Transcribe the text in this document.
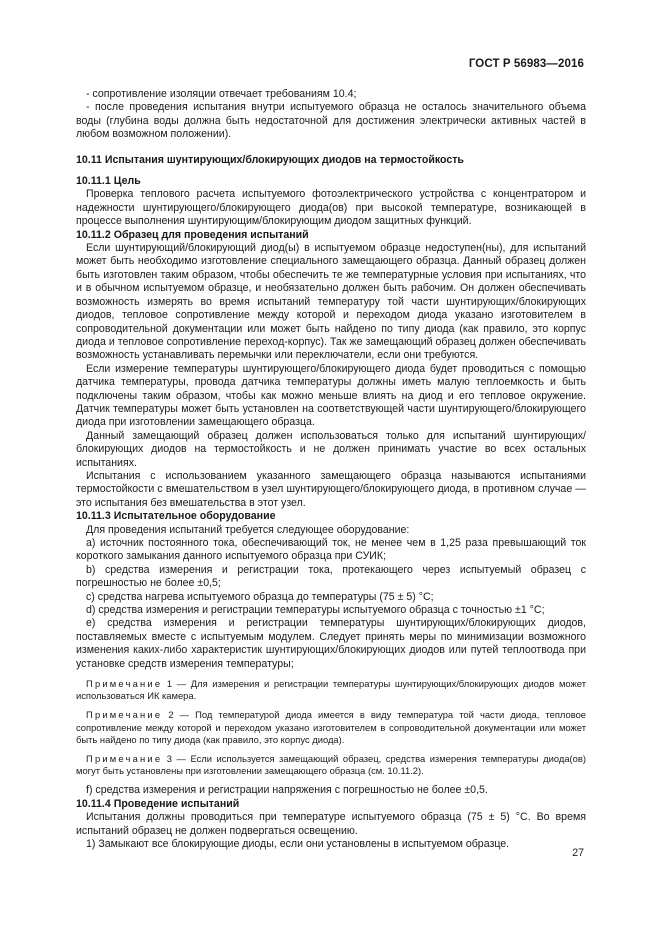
ГОСТ Р 56983—2016

- сопротивление изоляции отвечает требованиям 10.4;

- после проведения испытания внутри испытуемого образца не осталось значительного объема воды (глубина воды должна быть недостаточной для достижения электрически активных частей в любом возможном положении).

10.11 Испытания шунтирующих/блокирующих диодов на термостойкость

10.11.1 Цель

Проверка теплового расчета испытуемого фотоэлектрического устройства с концентратором и надежности шунтирующего/блокирующего диода(ов) при высокой температуре, возникающей в процессе выполнения шунтирующим/блокирующим диодом защитных функций.

10.11.2 Образец для проведения испытаний

Если шунтирующий/блокирующий диод(ы) в испытуемом образце недоступен(ны), для испытаний может быть необходимо изготовление специального замещающего образца. Данный образец должен быть изготовлен таким образом, чтобы обеспечить те же температурные условия при испытаниях, что и в обычном испытуемом образце, и необязательно должен быть рабочим. Он должен обеспечивать возможность измерять во время испытаний температуру той части шунтирующих/блокирующих диодов, тепловое сопротивление между которой и переходом диода указано изготовителем в сопроводительной документации или может быть найдено по типу диода (как правило, это корпус диода и тепловое сопротивление переход-корпус). Так же замещающий образец должен обеспечивать возможность устанавливать перемычки или переключатели, если они требуются.

Если измерение температуры шунтирующего/блокирующего диода будет проводиться с помощью датчика температуры, провода датчика температуры должны иметь малую теплоемкость и быть подключены таким образом, чтобы как можно меньше влиять на диод и его тепловое окружение. Датчик температуры может быть установлен на соответствующей части шунтирующего/блокирующего диода при изготовлении замещающего образца.

Данный замещающий образец должен использоваться только для испытаний шунтирующих/блокирующих диодов на термостойкость и не должен принимать участие во всех остальных испытаниях.

Испытания с использованием указанного замещающего образца называются испытаниями термостойкости с вмешательством в узел шунтирующего/блокирующего диода, в противном случае — это испытания без вмешательства в этот узел.

10.11.3 Испытательное оборудование

Для проведения испытаний требуется следующее оборудование:

а) источник постоянного тока, обеспечивающий ток, не менее чем в 1,25 раза превышающий ток короткого замыкания данного испытуемого образца при СУИК;

b) средства измерения и регистрации тока, протекающего через испытуемый образец с погрешностью не более ±0,5;

c) средства нагрева испытуемого образца до температуры (75 ± 5) °С;

d) средства измерения и регистрации температуры испытуемого образца с точностью ±1 °С;

е) средства измерения и регистрации температуры шунтирующих/блокирующих диодов, поставляемых вместе с испытуемым модулем. Следует принять меры по минимизации возможного изменения каких-либо характеристик шунтирующих/блокирующих диодов или путей теплоотвода при установке средств измерения температуры;

Примечание 1 — Для измерения и регистрации температуры шунтирующих/блокирующих диодов может использоваться ИК камера.

Примечание 2 — Под температурой диода имеется в виду температура той части диода, тепловое сопротивление между которой и переходом указано изготовителем в сопроводительной документации или может быть найдено по типу диода (как правило, это корпус диода).

Примечание 3 — Если используется замещающий образец, средства измерения температуры диода(ов) могут быть установлены при изготовлении замещающего образца (см. 10.11.2).

f) средства измерения и регистрации напряжения с погрешностью не более ±0,5.

10.11.4 Проведение испытаний

Испытания должны проводиться при температуре испытуемого образца (75 ± 5) °С. Во время испытаний образец не должен подвергаться освещению.

1) Замыкают все блокирующие диоды, если они установлены в испытуемом образце.

27
